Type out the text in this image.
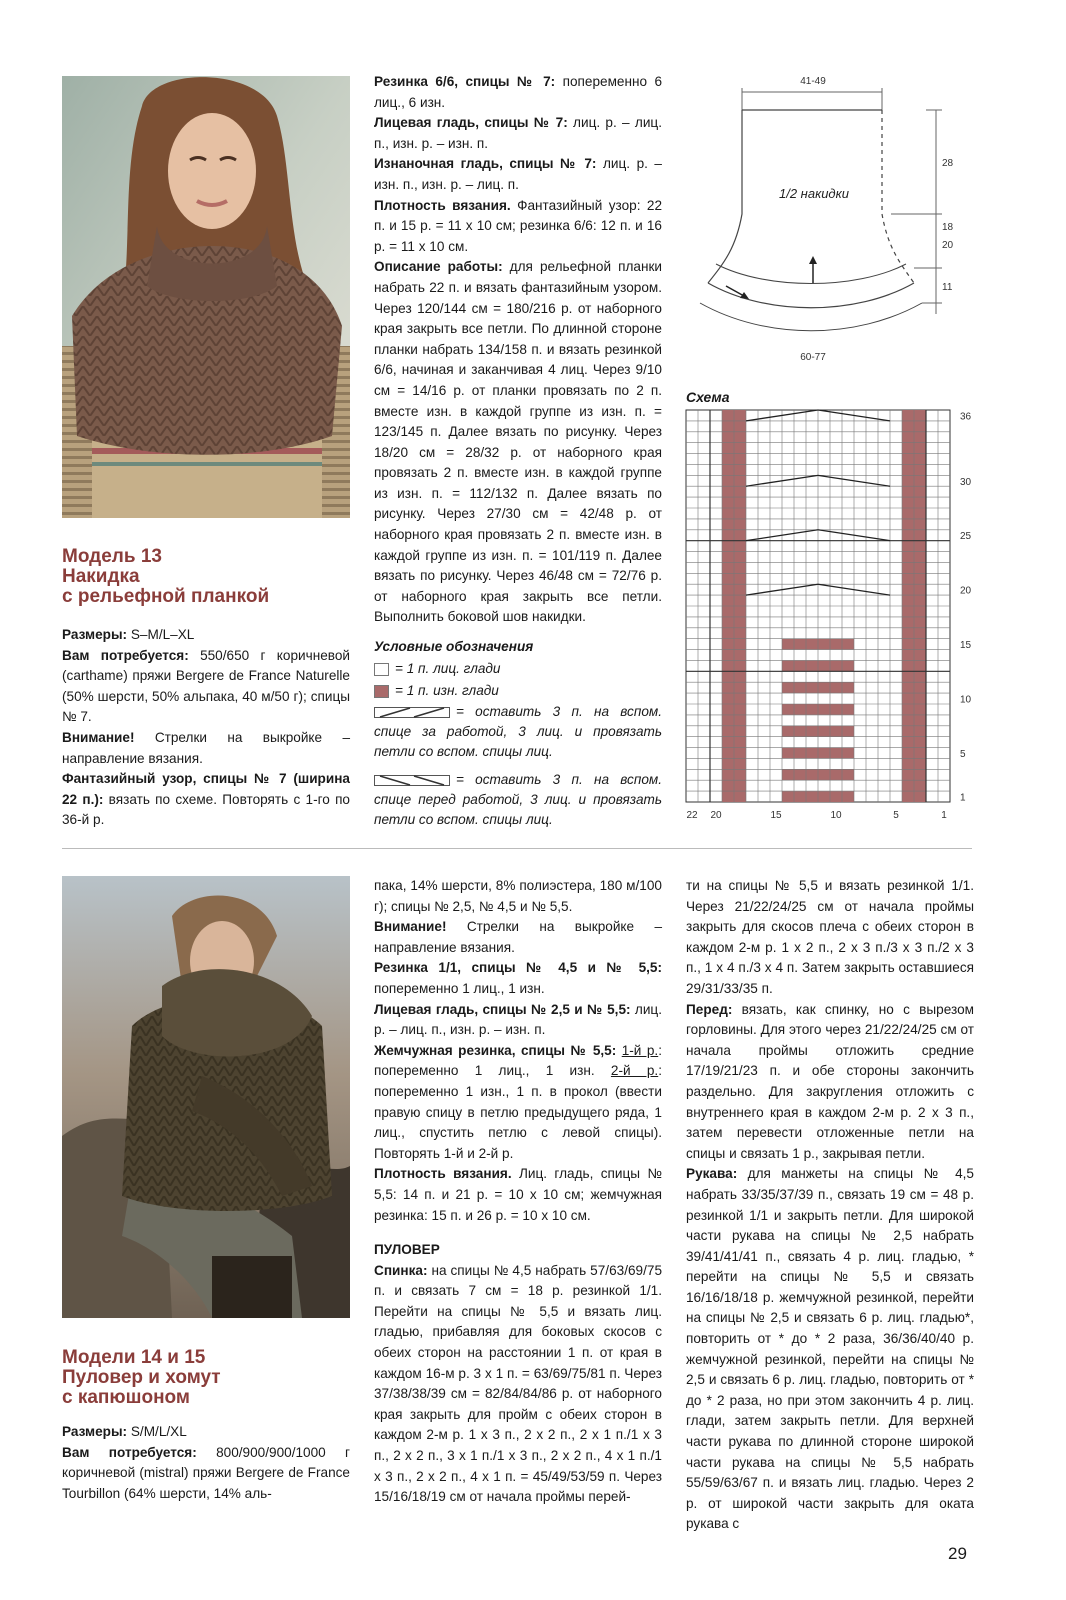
Модель 13
Накидка
с рельефной планкой

Размеры: S–M/L–XL

Вам потребуется: 550/650 г коричневой (carthame) пряжи Bergere de France Naturelle (50% шерсти, 50% альпака, 40 м/50 г); спицы № 7.

Внимание! Стрелки на выкройке – направление вязания.

Фантазийный узор, спицы № 7 (ширина 22 п.): вязать по схеме. Повторять с 1-го по 36-й р.

Резинка 6/6, спицы № 7: попеременно 6 лиц., 6 изн.

Лицевая гладь, спицы № 7: лиц. р. – лиц. п., изн. р. – изн. п.

Изнаночная гладь, спицы № 7: лиц. р. – изн. п., изн. р. – лиц. п.

Плотность вязания. Фантазийный узор: 22 п. и 15 р. = 11 х 10 см; резинка 6/6: 12 п. и 16 р. = 11 х 10 см.

Описание работы: для рельефной планки набрать 22 п. и вязать фантазийным узором. Через 120/144 см = 180/216 р. от наборного края закрыть все петли. По длинной стороне планки набрать 134/158 п. и вязать резинкой 6/6, начиная и заканчивая 4 лиц. Через 9/10 см = 14/16 р. от планки провязать по 2 п. вместе изн. в каждой группе из изн. п. = 123/145 п. Далее вязать по рисунку. Через 18/20 см = 28/32 р. от наборного края провязать 2 п. вместе изн. в каждой группе из изн. п. = 112/132 п. Далее вязать по рисунку. Через 27/30 см = 42/48 р. от наборного края провязать 2 п. вместе изн. в каждой группе из изн. п. = 101/119 п. Далее вязать по рисунку. Через 46/48 см = 72/76 р. от наборного края закрыть все петли. Выполнить боковой шов накидки.

Условные обозначения

= 1 п. лиц. глади

= 1 п. изн. глади

= оставить 3 п. на вспом. спице за работой, 3 лиц. и провязать петли со вспом. спицы лиц.

= оставить 3 п. на вспом. спице перед работой, 3 лиц. и провязать петли со вспом. спицы лиц.

41-49
1/2 накидки
28
18
20
11
60-77
Схема
36
30
25
20
15
10
5
1
22 20	15	10	5	1
Модели 14 и 15
Пуловер и хомут
с капюшоном

Размеры: S/M/L/XL

Вам потребуется: 800/900/900/1000 г коричневой (mistral) пряжи Bergere de France Tourbillon (64% шерсти, 14% аль-

пака, 14% шерсти, 8% полиэстера, 180 м/100 г); спицы № 2,5, № 4,5 и № 5,5.

Внимание! Стрелки на выкройке – направление вязания.

Резинка 1/1, спицы № 4,5 и № 5,5: попеременно 1 лиц., 1 изн.

Лицевая гладь, спицы № 2,5 и № 5,5: лиц. р. – лиц. п., изн. р. – изн. п.

Жемчужная резинка, спицы № 5,5: 1-й р.: попеременно 1 лиц., 1 изн. 2-й р.: попеременно 1 изн., 1 п. в прокол (ввести правую спицу в петлю предыдущего ряда, 1 лиц., спустить петлю с левой спицы). Повторять 1-й и 2-й р.

Плотность вязания. Лиц. гладь, спицы № 5,5: 14 п. и 21 р. = 10 х 10 см; жемчужная резинка: 15 п. и 26 р. = 10 х 10 см.

ПУЛОВЕР

Спинка: на спицы № 4,5 набрать 57/63/69/75 п. и связать 7 см = 18 р. резинкой 1/1. Перейти на спицы № 5,5 и вязать лиц. гладью, прибавляя для боковых скосов с обеих сторон на расстоянии 1 п. от края в каждом 16-м р. 3 х 1 п. = 63/69/75/81 п. Через 37/38/38/39 см = 82/84/84/86 р. от наборного края закрыть для пройм с обеих сторон в каждом 2-м р. 1 х 3 п., 2 х 2 п., 2 х 1 п./1 х 3 п., 2 х 2 п., 3 х 1 п./1 х 3 п., 2 х 2 п., 4 х 1 п./1 х 3 п., 2 х 2 п., 4 х 1 п. = 45/49/53/59 п. Через 15/16/18/19 см от начала проймы перей-

ти на спицы № 5,5 и вязать резинкой 1/1. Через 21/22/24/25 см от начала проймы закрыть для скосов плеча с обеих сторон в каждом 2-м р. 1 х 2 п., 2 х 3 п./3 х 3 п./2 х 3 п., 1 х 4 п./3 х 4 п. Затем закрыть оставшиеся 29/31/33/35 п.

Перед: вязать, как спинку, но с вырезом горловины. Для этого через 21/22/24/25 см от начала проймы отложить средние 17/19/21/23 п. и обе стороны закончить раздельно. Для закругления отложить с внутреннего края в каждом 2-м р. 2 х 3 п., затем перевести отложенные петли на спицы и связать 1 р., закрывая петли.

Рукава: для манжеты на спицы № 4,5 набрать 33/35/37/39 п., связать 19 см = 48 р. резинкой 1/1 и закрыть петли. Для широкой части рукава на спицы № 2,5 набрать 39/41/41/41 п., связать 4 р. лиц. гладью, * перейти на спицы № 5,5 и связать 16/16/18/18 р. жемчужной резинкой, перейти на спицы № 2,5 и связать 6 р. лиц. гладью*, повторить от * до * 2 раза, 36/36/40/40 р. жемчужной резинкой, перейти на спицы № 2,5 и связать 6 р. лиц. гладью, повторить от * до * 2 раза, но при этом закончить 4 р. лиц. глади, затем закрыть петли. Для верхней части рукава по длинной стороне широкой части рукава на спицы № 5,5 набрать 55/59/63/67 п. и вязать лиц. гладью. Через 2 р. от широкой части закрыть для оката рукава с

29
